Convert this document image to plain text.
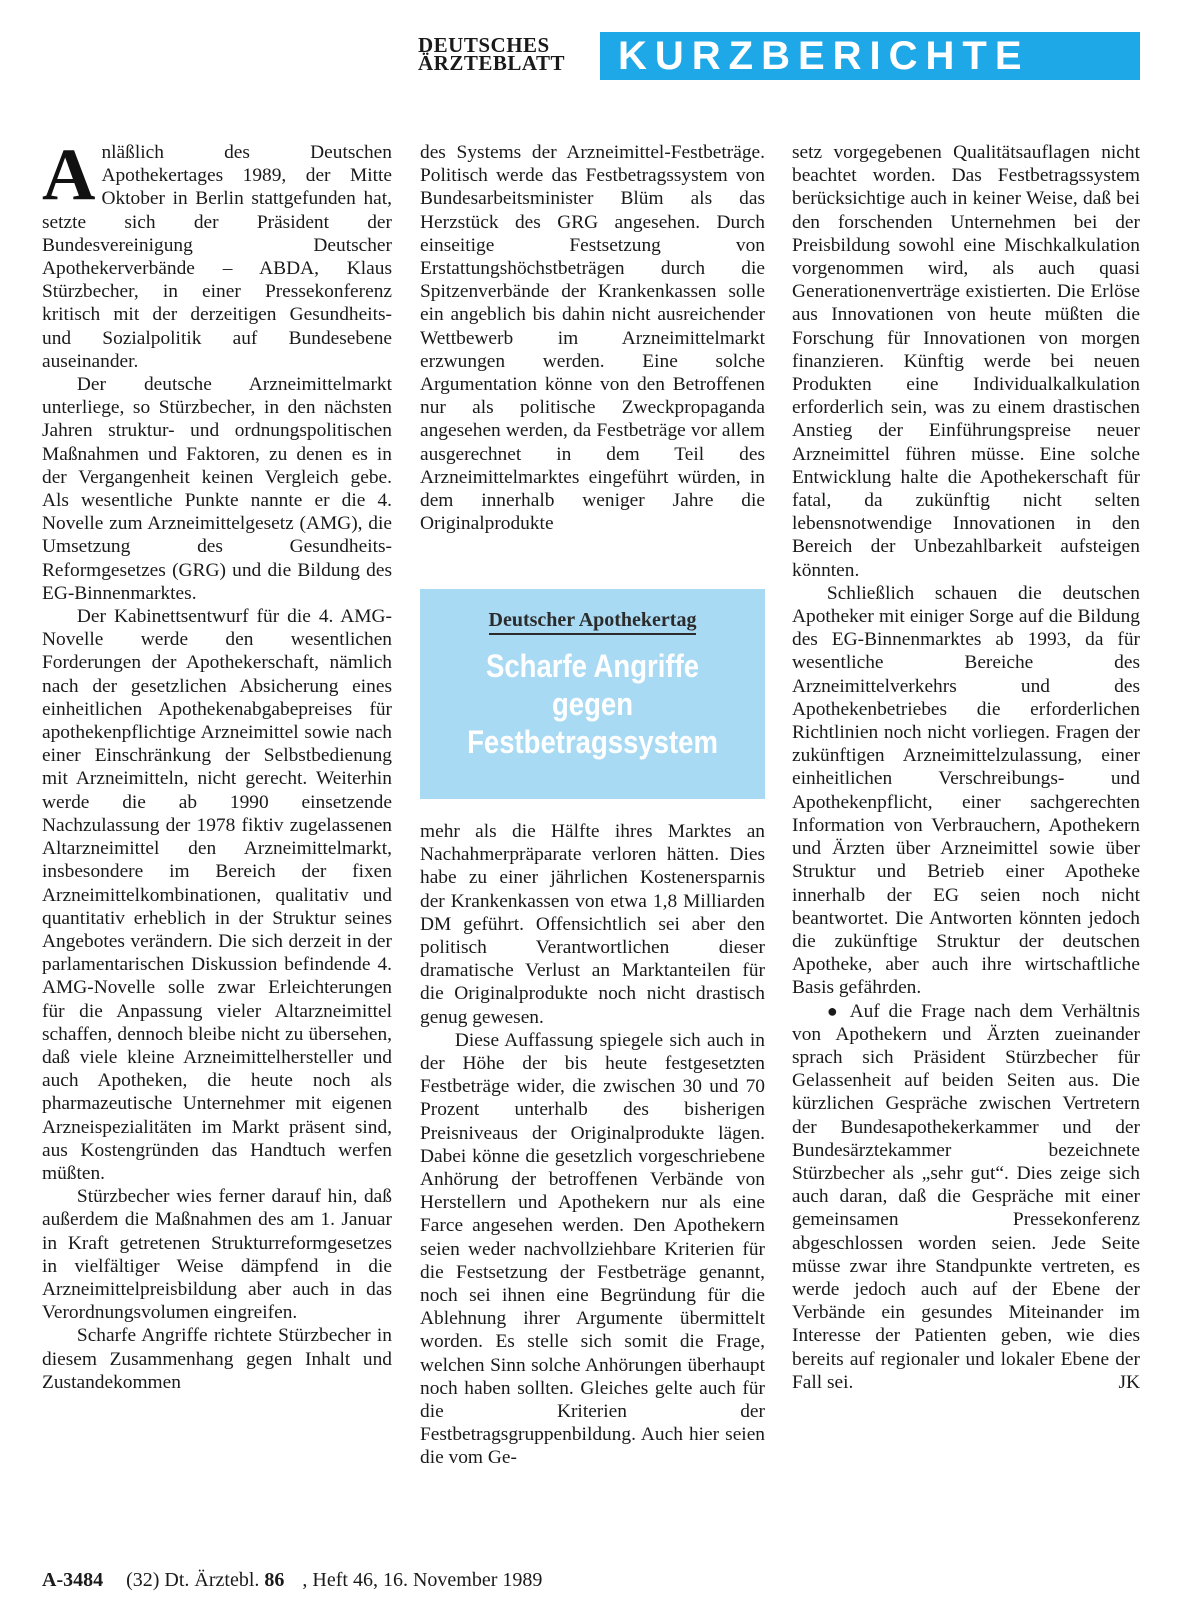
DEUTSCHES
ÄRZTEBLATT	KURZBERICHTE

Anläßlich des Deutschen Apothekertages 1989, der Mitte Oktober in Berlin stattgefunden hat, setzte sich der Präsident der Bundesvereinigung Deutscher Apothekerverbände – ABDA, Klaus Stürzbecher, in einer Pressekonferenz kritisch mit der derzeitigen Gesundheits- und Sozialpolitik auf Bundesebene auseinander.

Der deutsche Arzneimittelmarkt unterliege, so Stürzbecher, in den nächsten Jahren struktur- und ordnungspolitischen Maßnahmen und Faktoren, zu denen es in der Vergangenheit keinen Vergleich gebe. Als wesentliche Punkte nannte er die 4. Novelle zum Arzneimittelgesetz (AMG), die Umsetzung des Gesundheits-Reformgesetzes (GRG) und die Bildung des EG-Binnenmarktes.

Der Kabinettsentwurf für die 4. AMG-Novelle werde den wesentlichen Forderungen der Apothekerschaft, nämlich nach der gesetzlichen Absicherung eines einheitlichen Apothekenabgabepreises für apothekenpflichtige Arzneimittel sowie nach einer Einschränkung der Selbstbedienung mit Arzneimitteln, nicht gerecht. Weiterhin werde die ab 1990 einsetzende Nachzulassung der 1978 fiktiv zugelassenen Altarzneimittel den Arzneimittelmarkt, insbesondere im Bereich der fixen Arzneimittelkombinationen, qualitativ und quantitativ erheblich in der Struktur seines Angebotes verändern. Die sich derzeit in der parlamentarischen Diskussion befindende 4. AMG-Novelle solle zwar Erleichterungen für die Anpassung vieler Altarzneimittel schaffen, dennoch bleibe nicht zu übersehen, daß viele kleine Arzneimittelhersteller und auch Apotheken, die heute noch als pharmazeutische Unternehmer mit eigenen Arzneispezialitäten im Markt präsent sind, aus Kostengründen das Handtuch werfen müßten.

Stürzbecher wies ferner darauf hin, daß außerdem die Maßnahmen des am 1. Januar in Kraft getretenen Strukturreformgesetzes in vielfältiger Weise dämpfend in die Arzneimittelpreisbildung aber auch in das Verordnungsvolumen eingreifen.

Scharfe Angriffe richtete Stürzbecher in diesem Zusammenhang gegen Inhalt und Zustandekommen

des Systems der Arzneimittel-Festbeträge. Politisch werde das Festbetragssystem von Bundesarbeitsminister Blüm als das Herzstück des GRG angesehen. Durch einseitige Festsetzung von Erstattungshöchstbeträgen durch die Spitzenverbände der Krankenkassen solle ein angeblich bis dahin nicht ausreichender Wettbewerb im Arzneimittelmarkt erzwungen werden. Eine solche Argumentation könne von den Betroffenen nur als politische Zweckpropaganda angesehen werden, da Festbeträge vor allem ausgerechnet in dem Teil des Arzneimittelmarktes eingeführt würden, in dem innerhalb weniger Jahre die Originalprodukte

Deutscher Apothekertag
Scharfe Angriffe
gegen
Festbetragssystem

mehr als die Hälfte ihres Marktes an Nachahmerpräparate verloren hätten. Dies habe zu einer jährlichen Kostenersparnis der Krankenkassen von etwa 1,8 Milliarden DM geführt. Offensichtlich sei aber den politisch Verantwortlichen dieser dramatische Verlust an Marktanteilen für die Originalprodukte noch nicht drastisch genug gewesen.

Diese Auffassung spiegele sich auch in der Höhe der bis heute festgesetzten Festbeträge wider, die zwischen 30 und 70 Prozent unterhalb des bisherigen Preisniveaus der Originalprodukte lägen. Dabei könne die gesetzlich vorgeschriebene Anhörung der betroffenen Verbände von Herstellern und Apothekern nur als eine Farce angesehen werden. Den Apothekern seien weder nachvollziehbare Kriterien für die Festsetzung der Festbeträge genannt, noch sei ihnen eine Begründung für die Ablehnung ihrer Argumente übermittelt worden. Es stelle sich somit die Frage, welchen Sinn solche Anhörungen überhaupt noch haben sollten. Gleiches gelte auch für die Kriterien der Festbetragsgruppenbildung. Auch hier seien die vom Ge-

setz vorgegebenen Qualitätsauflagen nicht beachtet worden. Das Festbetragssystem berücksichtige auch in keiner Weise, daß bei den forschenden Unternehmen bei der Preisbildung sowohl eine Mischkalkulation vorgenommen wird, als auch quasi Generationenverträge existierten. Die Erlöse aus Innovationen von heute müßten die Forschung für Innovationen von morgen finanzieren. Künftig werde bei neuen Produkten eine Individualkalkulation erforderlich sein, was zu einem drastischen Anstieg der Einführungspreise neuer Arzneimittel führen müsse. Eine solche Entwicklung halte die Apothekerschaft für fatal, da zukünftig nicht selten lebensnotwendige Innovationen in den Bereich der Unbezahlbarkeit aufsteigen könnten.

Schließlich schauen die deutschen Apotheker mit einiger Sorge auf die Bildung des EG-Binnenmarktes ab 1993, da für wesentliche Bereiche des Arzneimittelverkehrs und des Apothekenbetriebes die erforderlichen Richtlinien noch nicht vorliegen. Fragen der zukünftigen Arzneimittelzulassung, einer einheitlichen Verschreibungs- und Apothekenpflicht, einer sachgerechten Information von Verbrauchern, Apothekern und Ärzten über Arzneimittel sowie über Struktur und Betrieb einer Apotheke innerhalb der EG seien noch nicht beantwortet. Die Antworten könnten jedoch die zukünftige Struktur der deutschen Apotheke, aber auch ihre wirtschaftliche Basis gefährden.

● Auf die Frage nach dem Verhältnis von Apothekern und Ärzten zueinander sprach sich Präsident Stürzbecher für Gelassenheit auf beiden Seiten aus. Die kürzlichen Gespräche zwischen Vertretern der Bundesapothekerkammer und der Bundesärztekammer bezeichnete Stürzbecher als „sehr gut“. Dies zeige sich auch daran, daß die Gespräche mit einer gemeinsamen Pressekonferenz abgeschlossen worden seien. Jede Seite müsse zwar ihre Standpunkte vertreten, es werde jedoch auch auf der Ebene der Verbände ein gesundes Miteinander im Interesse der Patienten geben, wie dies bereits auf regionaler und lokaler Ebene der Fall sei.	JK

A-3484 (32) Dt. Ärztebl. 86 , Heft 46, 16. November 1989
